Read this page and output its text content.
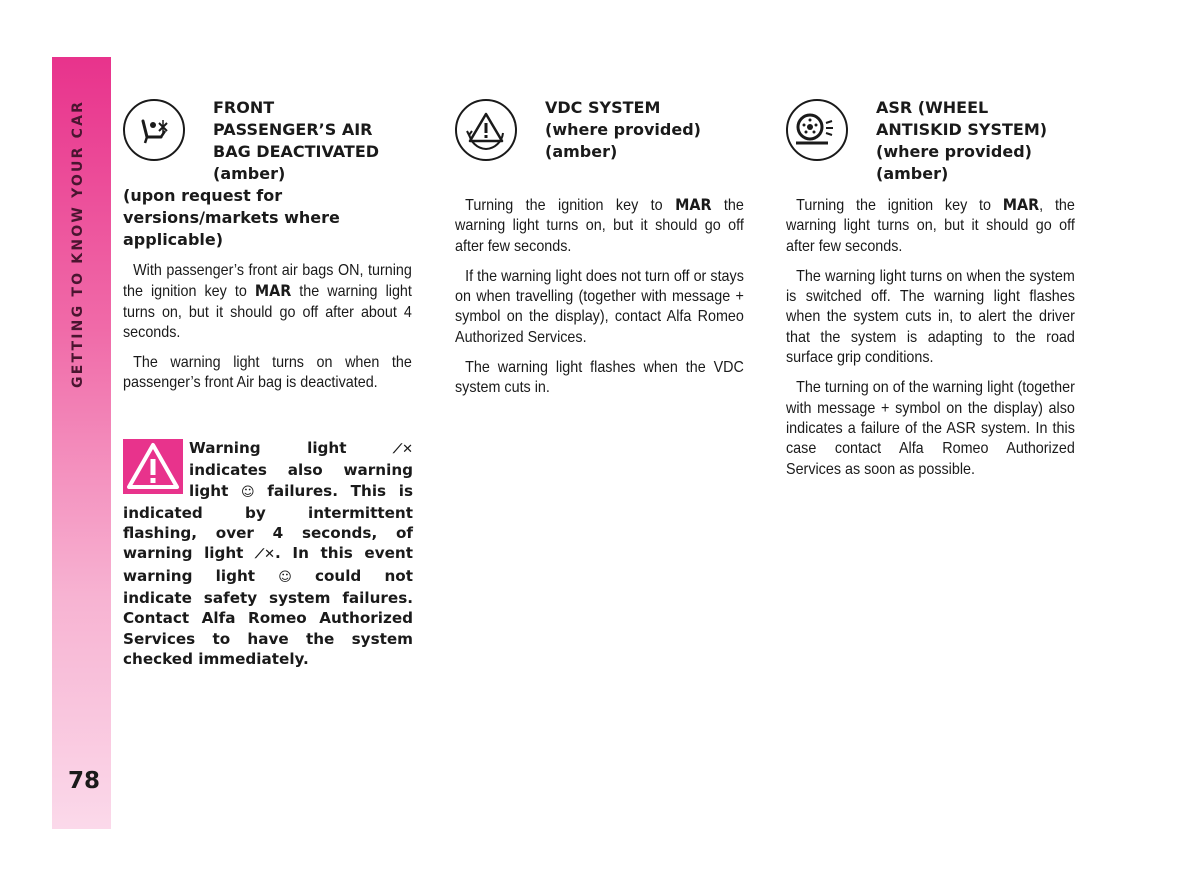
GETTING TO KNOW YOUR CAR
78
FRONT
PASSENGER’S AIR
BAG DEACTIVATED
(amber)
(upon request for
versions/markets where
applicable)

With passenger’s front air bags ON, turning the ignition key to MAR the warning light turns on, but it should go off after about 4 seconds.

The warning light turns on when the passenger’s front Air bag is deactivated.

Warning light ⟋✕ indicates also warning light ☺ failures. This is indicated by intermittent flashing, over 4 seconds, of warning light ⟋✕. In this event warning light ☺ could not indicate safety system failures. Contact Alfa Romeo Authorized Services to have the system checked immediately.
VDC SYSTEM
(where provided)
(amber)

Turning the ignition key to MAR the warning light turns on, but it should go off after few seconds.

If the warning light does not turn off or stays on when travelling (together with message + symbol on the display), contact Alfa Romeo Authorized Services.

The warning light flashes when the VDC system cuts in.

ASR (WHEEL
ANTISKID SYSTEM)
(where provided)
(amber)

Turning the ignition key to MAR, the warning light turns on, but it should go off after few seconds.

The warning light turns on when the system is switched off. The warning light flashes when the system cuts in, to alert the driver that the system is adapting to the road surface grip conditions.

The turning on of the warning light (together with message + symbol on the display) also indicates a failure of the ASR system. In this case contact Alfa Romeo Authorized Services as soon as possible.
